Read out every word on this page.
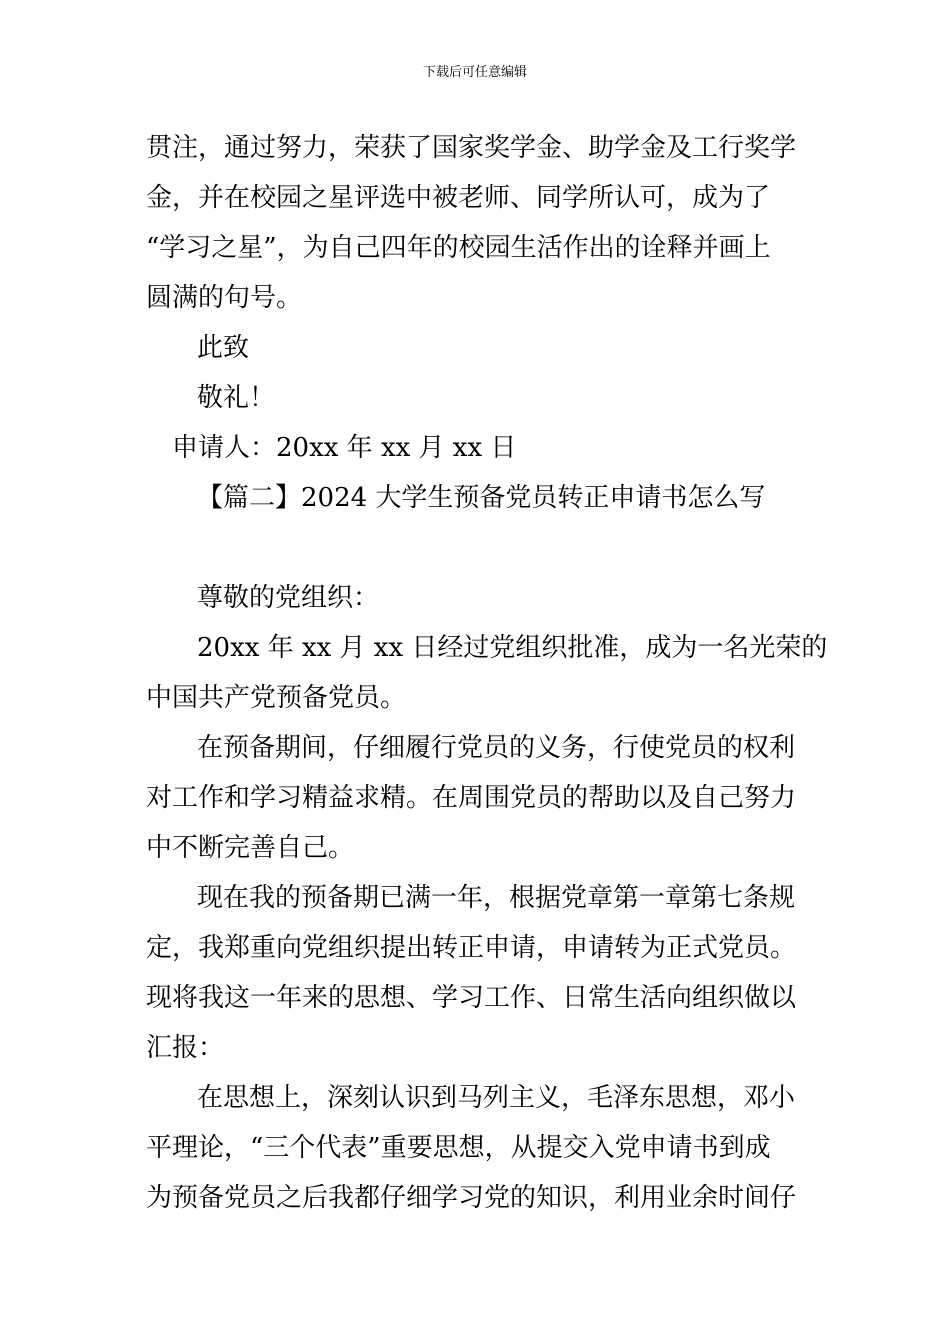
下载后可任意编辑
贯注，通过努力，荣获了国家奖学金、助学金及工行奖学
金，并在校园之星评选中被老师、同学所认可，成为了
“学习之星”，为自己四年的校园生活作出的诠释并画上
圆满的句号。
此致
敬礼！
申请人：20xx 年 xx 月 xx 日
【篇二】2024 大学生预备党员转正申请书怎么写
尊敬的党组织：
20xx 年 xx 月 xx 日经过党组织批准，成为一名光荣的
中国共产党预备党员。
在预备期间，仔细履行党员的义务，行使党员的权利
对工作和学习精益求精。在周围党员的帮助以及自己努力
中不断完善自己。
现在我的预备期已满一年，根据党章第一章第七条规
定，我郑重向党组织提出转正申请，申请转为正式党员。
现将我这一年来的思想、学习工作、日常生活向组织做以
汇报：
在思想上，深刻认识到马列主义，毛泽东思想，邓小
平理论，“三个代表”重要思想，从提交入党申请书到成
为预备党员之后我都仔细学习党的知识，利用业余时间仔
